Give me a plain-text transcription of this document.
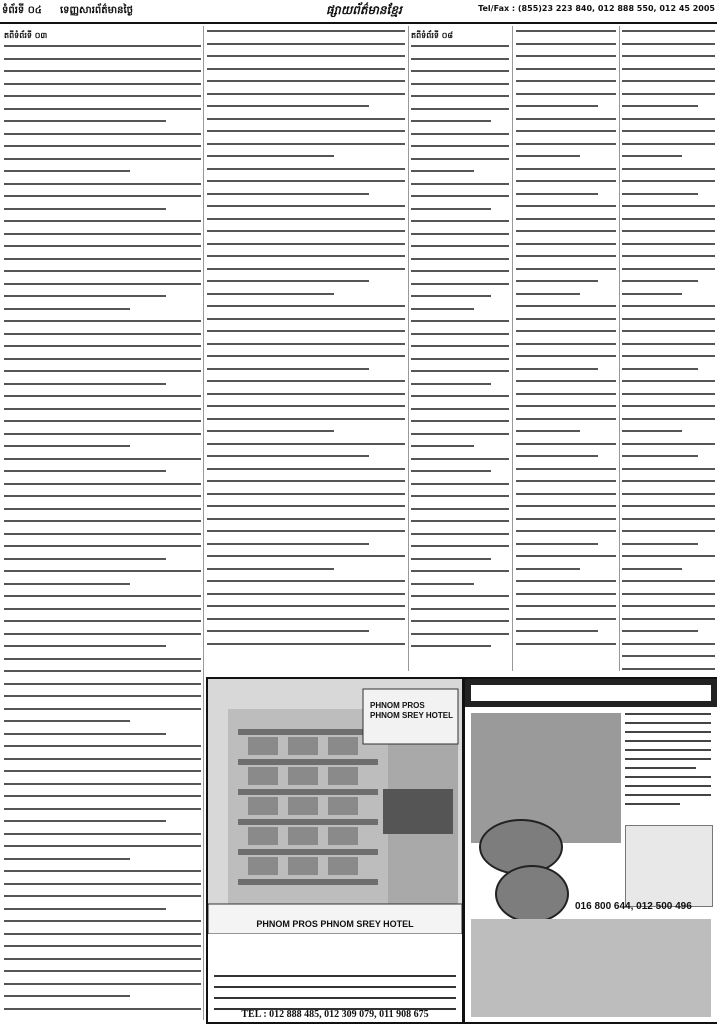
ទំព័រទី ០៤ ទេញ្ញសារព័ត៌មានថ្ងៃ	ផ្សាយព័ត៌មានខ្មែរ	Tel/Fax : (855)23 223 840, 012 888 550, 012 45 2005
តពីទំព័រទី ០៣	តពីទំព័រទី ០៨
PHNOM PROS PHNOM SREY HOTEL
PHNOM PROS PHNOM SREY HOTEL
TEL : 012 888 485, 012 309 079, 011 908 675
016 800 644, 012 500 496
